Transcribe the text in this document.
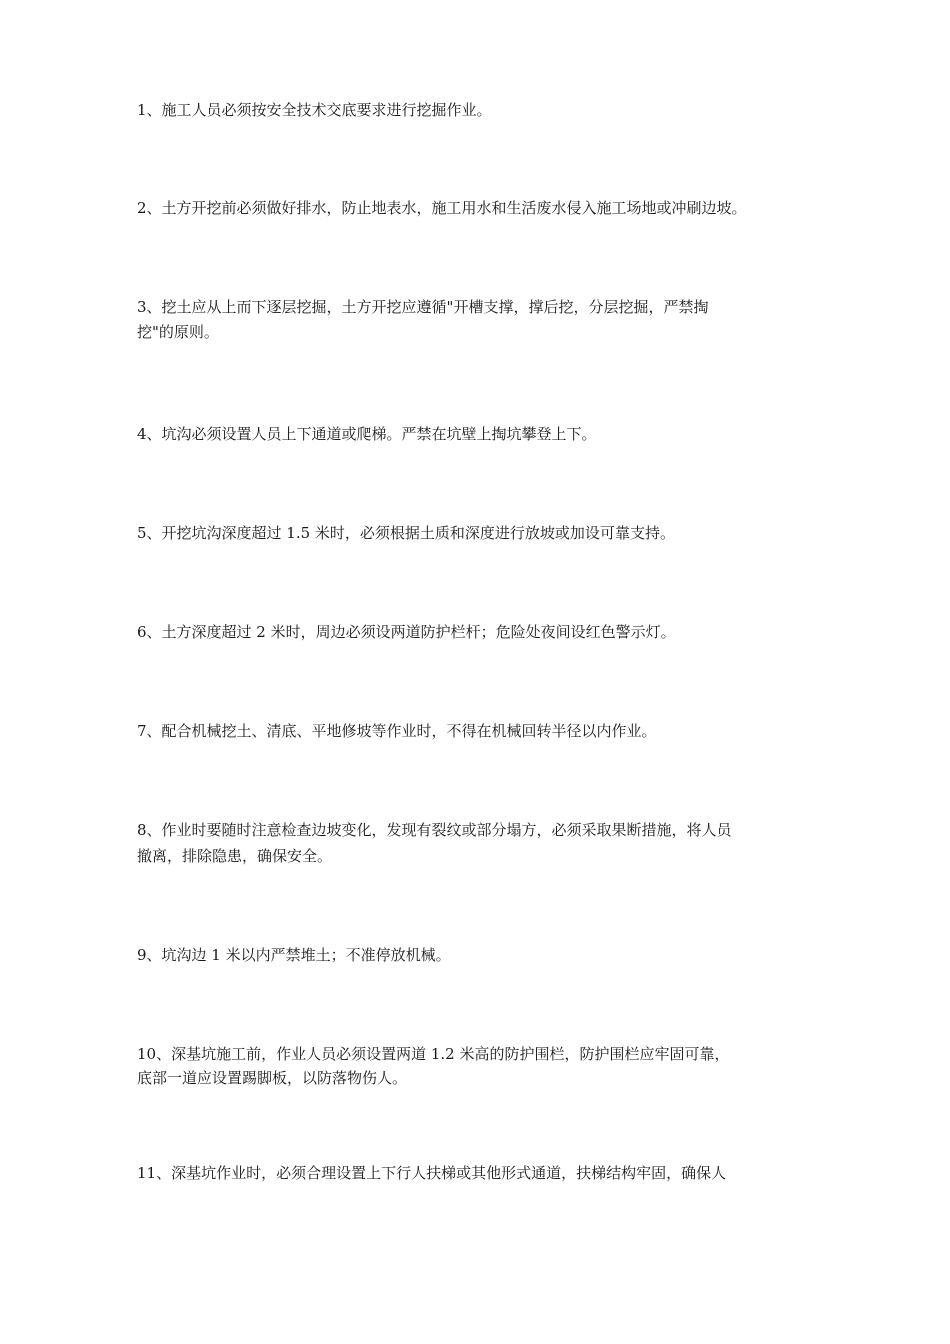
1、施工人员必须按安全技术交底要求进行挖掘作业。
2、土方开挖前必须做好排水，防止地表水，施工用水和生活废水侵入施工场地或冲刷边坡。
3、挖土应从上而下逐层挖掘，土方开挖应遵循"开槽支撑，撑后挖，分层挖掘，严禁掏
挖"的原则。
4、坑沟必须设置人员上下通道或爬梯。严禁在坑壁上掏坑攀登上下。
5、开挖坑沟深度超过 1.5 米时，必须根据土质和深度进行放坡或加设可靠支持。
6、土方深度超过 2 米时，周边必须设两道防护栏杆；危险处夜间设红色警示灯。
7、配合机械挖土、清底、平地修坡等作业时，不得在机械回转半径以内作业。
8、作业时要随时注意检查边坡变化，发现有裂纹或部分塌方，必须采取果断措施，将人员
撤离，排除隐患，确保安全。
9、坑沟边 1 米以内严禁堆土；不准停放机械。
10、深基坑施工前，作业人员必须设置两道 1.2 米高的防护围栏，防护围栏应牢固可靠，
底部一道应设置踢脚板，以防落物伤人。
11、深基坑作业时，必须合理设置上下行人扶梯或其他形式通道，扶梯结构牢固，确保人
